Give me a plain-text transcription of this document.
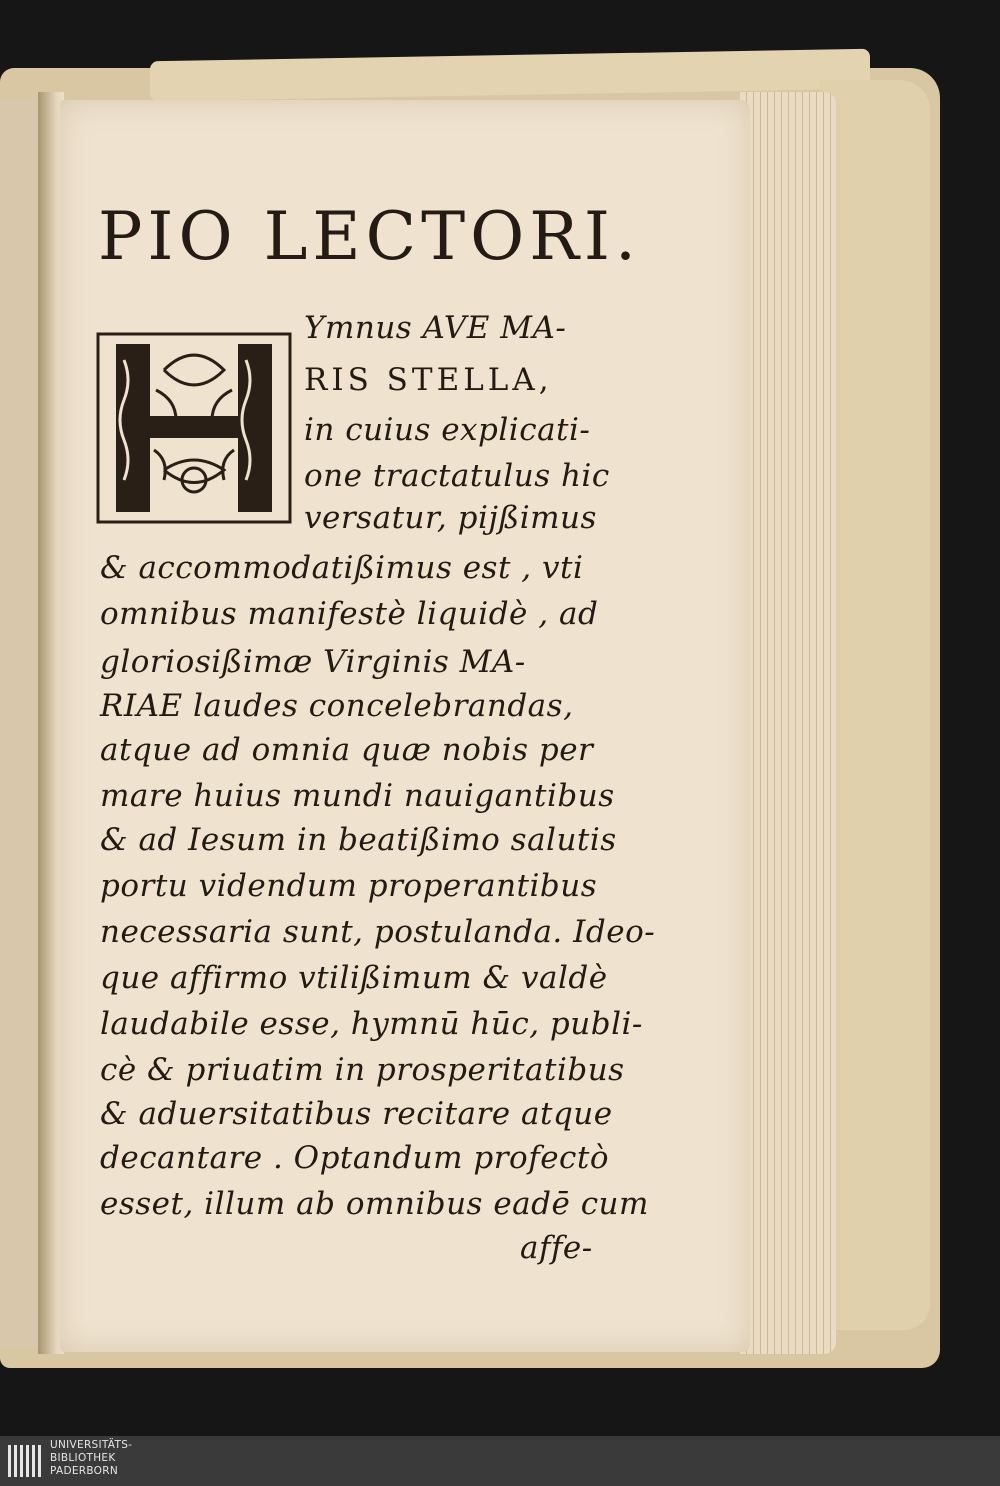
PIO LECTORI.
Ymnus AVE MA-
RIS STELLA,
in cuius explicati-
one tractatulus hic
versatur, pijßimus
& accommodatißimus est , vti
omnibus manifestè liquidè , ad
gloriosißimæ Virginis MA-
RIAE laudes concelebrandas,
atque ad omnia quæ nobis per
mare huius mundi nauigantibus
& ad Iesum in beatißimo salutis
portu videndum properantibus
necessaria sunt, postulanda. Ideo-
que affirmo vtilißimum & valdè
laudabile esse, hymnū hūc, publi-
cè & priuatim in prosperitatibus
& aduersitatibus recitare atque
decantare . Optandum profectò
esset, illum ab omnibus eadē cum
affe-
UNIVERSITÄTS-
BIBLIOTHEK
PADERBORN
